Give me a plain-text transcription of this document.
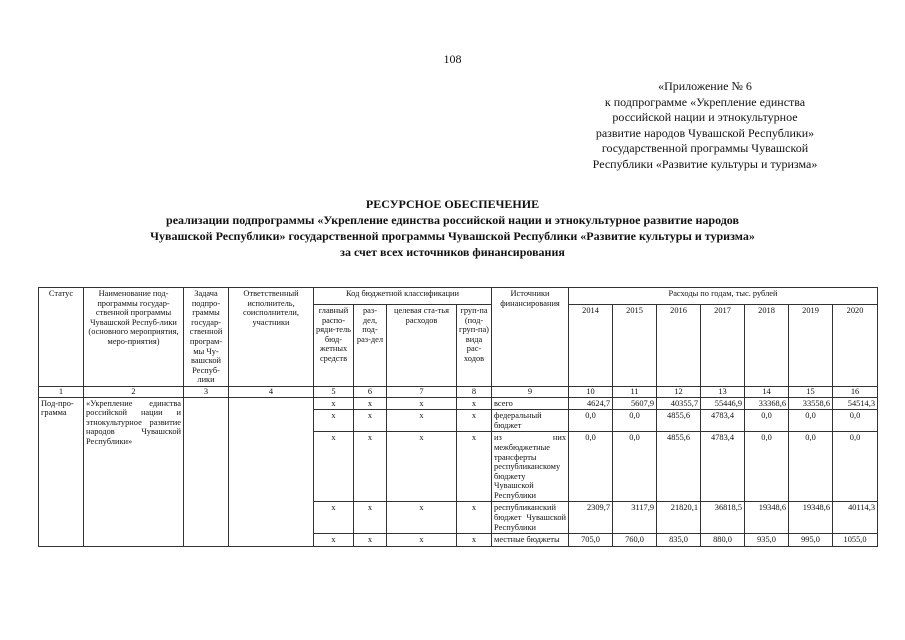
108
«Приложение № 6
к подпрограмме «Укрепление единства
российской нации и этнокультурное
развитие народов Чувашской Республики»
государственной программы Чувашской
Республики «Развитие культуры и туризма»
РЕСУРСНОЕ ОБЕСПЕЧЕНИЕ
реализации подпрограммы «Укрепление единства российской нации и этнокультурное развитие народов
Чувашской Республики» государственной программы Чувашской Республики «Развитие культуры и туризма»
за счет всех источников финансирования
Статус	Наименование под-программы государ-ственной программы Чувашской Респуб-лики (основного мероприятия, меро-приятия)	Задача подпро-граммы государ-ственной програм-мы Чу-вашской Респуб-лики	Ответственный исполнитель, соисполнители, участники	Код бюджетной классификации				Источники финансирования	Расходы по годам, тыс. рублей						
				главный распо-ряди-тель бюд-жетных средств	раз-дел, под-раз-дел	целевая ста-тья расходов	груп-па (под-груп-па) вида рас-ходов		2014	2015	2016	2017	2018	2019	2020
1	2	3	4	5	6	7	8	9	10	11	12	13	14	15	16
Под-про-грамма	«Укрепление единства российской нации и этнокультурное развитие народов Чувашской Республики»			х	х	х	х	всего	4624,7	5607,9	40355,7	55446,9	33368,6	33558,6	54514,3
				х	х	х	х	федеральный бюджет	0,0	0,0	4855,6	4783,4	0,0	0,0	0,0
				х	х	х	х	из них межбюджетные трансферты республиканскому бюджету Чувашской Республики	0,0	0,0	4855,6	4783,4	0,0	0,0	0,0
				х	х	х	х	республиканский бюджет Чувашской Республики	2309,7	3117,9	21820,1	36818,5	19348,6	19348,6	40114,3
				х	х	х	х	местные бюджеты	705,0	760,0	835,0	880,0	935,0	995,0	1055,0
